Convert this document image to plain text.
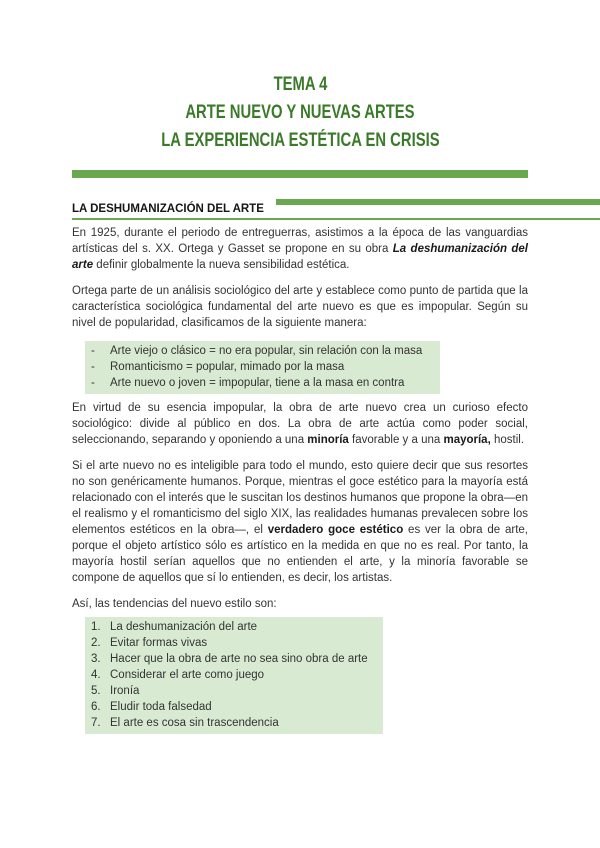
TEMA 4
ARTE NUEVO Y NUEVAS ARTES
LA EXPERIENCIA ESTÉTICA EN CRISIS
LA DESHUMANIZACIÓN DEL ARTE

En 1925, durante el periodo de entreguerras, asistimos a la época de las vanguardias artísticas del s. XX. Ortega y Gasset se propone en su obra La deshumanización del arte definir globalmente la nueva sensibilidad estética.

Ortega parte de un análisis sociológico del arte y establece como punto de partida que la característica sociológica fundamental del arte nuevo es que es impopular. Según su nivel de popularidad, clasificamos de la siguiente manera:

-	Arte viejo o clásico = no era popular, sin relación con la masa
-	Romanticismo = popular, mimado por la masa
-	Arte nuevo o joven = impopular, tiene a la masa en contra

En virtud de su esencia impopular, la obra de arte nuevo crea un curioso efecto sociológico: divide al público en dos. La obra de arte actúa como poder social, seleccionando, separando y oponiendo a una minoría favorable y a una mayoría, hostil.

Si el arte nuevo no es inteligible para todo el mundo, esto quiere decir que sus resortes no son genéricamente humanos. Porque, mientras el goce estético para la mayoría está relacionado con el interés que le suscitan los destinos humanos que propone la obra—en el realismo y el romanticismo del siglo XIX, las realidades humanas prevalecen sobre los elementos estéticos en la obra—, el verdadero goce estético es ver la obra de arte, porque el objeto artístico sólo es artístico en la medida en que no es real. Por tanto, la mayoría hostil serían aquellos que no entienden el arte, y la minoría favorable se compone de aquellos que sí lo entienden, es decir, los artistas.

Así, las tendencias del nuevo estilo son:

1. La deshumanización del arte
2. Evitar formas vivas
3. Hacer que la obra de arte no sea sino obra de arte
4. Considerar el arte como juego
5. Ironía
6. Eludir toda falsedad
7. El arte es cosa sin trascendencia
